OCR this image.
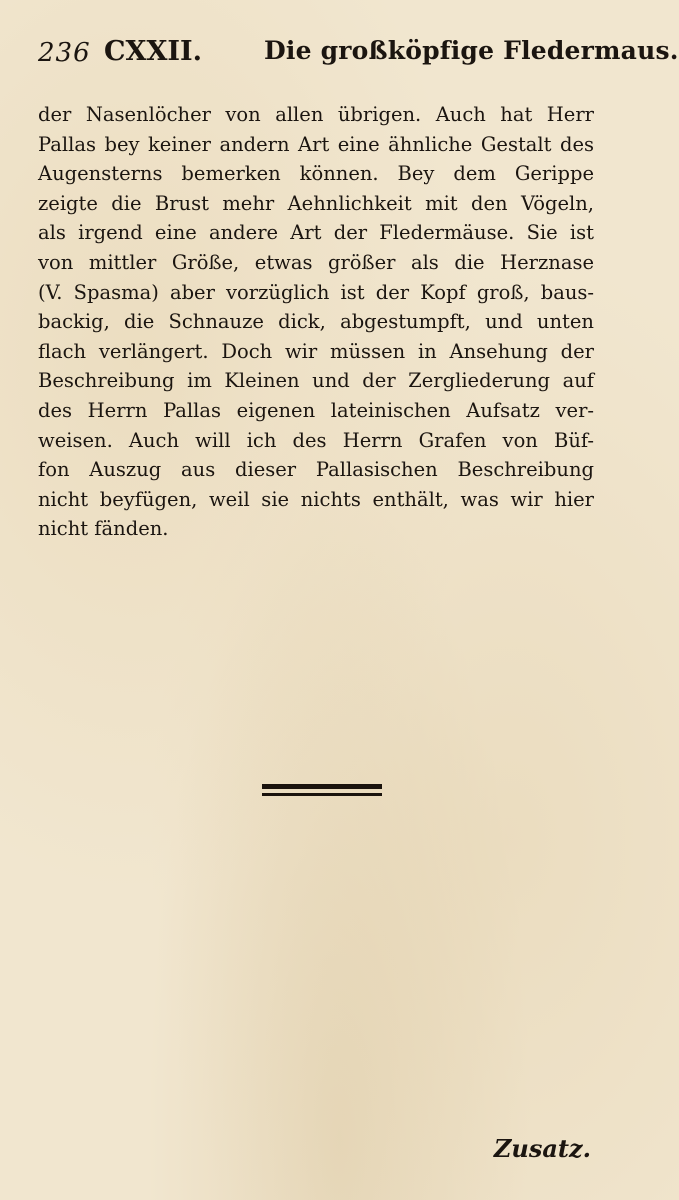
236 CXXII. Die großköpfige Fledermaus.
der Nasenlöcher von allen übrigen. Auch hat Herr
Pallas bey keiner andern Art eine ähnliche Gestalt des
Augensterns bemerken können. Bey dem Gerippe
zeigte die Brust mehr Aehnlichkeit mit den Vögeln,
als irgend eine andere Art der Fledermäuse. Sie ist
von mittler Größe, etwas größer als die Herznase
(V. Spasma) aber vorzüglich ist der Kopf groß, baus-
backig, die Schnauze dick, abgestumpft, und unten
flach verlängert. Doch wir müssen in Ansehung der
Beschreibung im Kleinen und der Zergliederung auf
des Herrn Pallas eigenen lateinischen Aufsatz ver-
weisen. Auch will ich des Herrn Grafen von Büf-
fon Auszug aus dieser Pallasischen Beschreibung
nicht beyfügen, weil sie nichts enthält, was wir hier
nicht fänden.
Zusatz.
